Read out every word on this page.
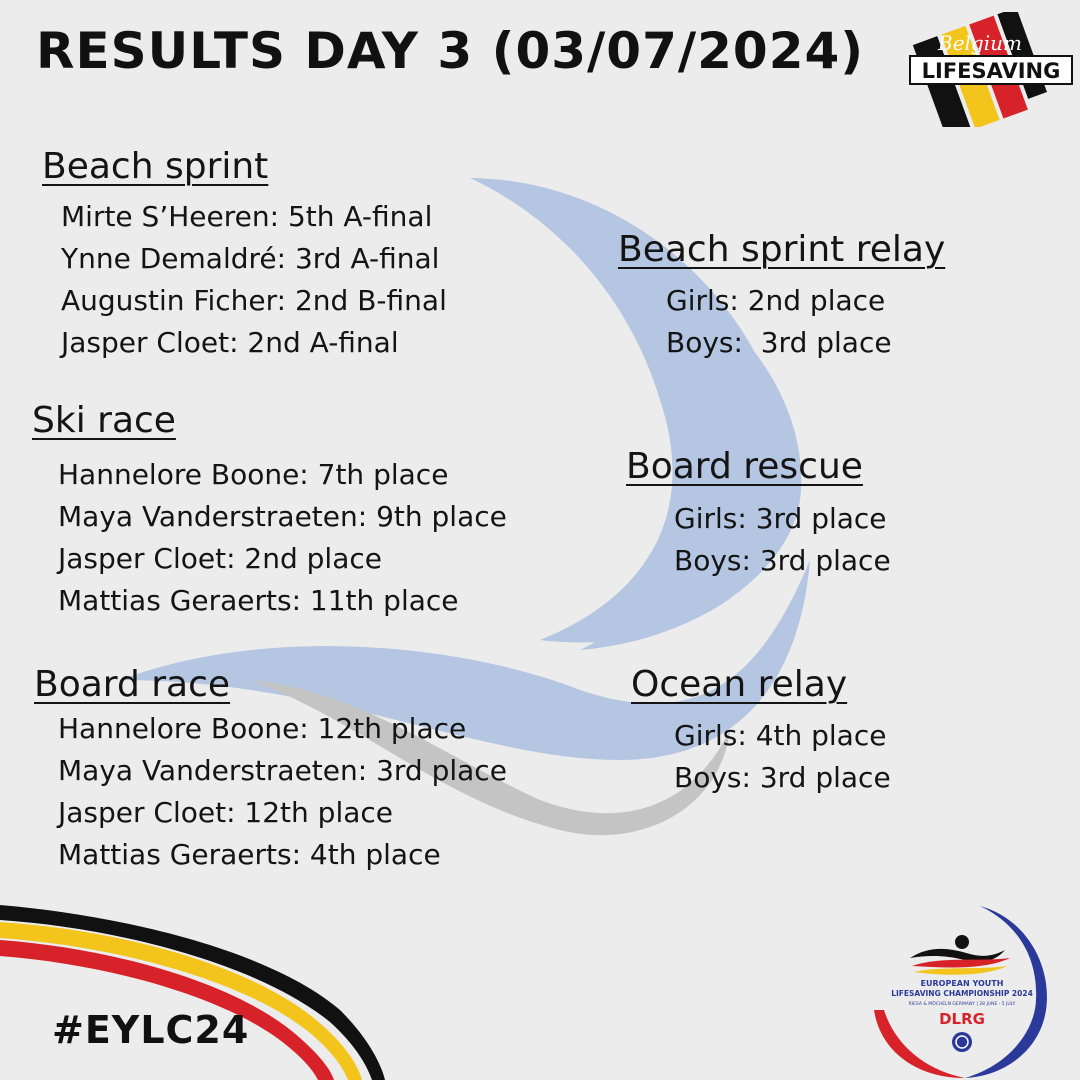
RESULTS DAY 3 (03/07/2024)	Belgium
LIFESAVING
Beach sprint
Mirte S’Heeren: 5th A-final
Ynne Demaldré: 3rd A-final
Augustin Ficher: 2nd B-final
Jasper Cloet: 2nd A-final
Ski race
Hannelore Boone: 7th place
Maya Vanderstraeten: 9th place
Jasper Cloet: 2nd place
Mattias Geraerts: 11th place
Board race
Hannelore Boone: 12th place
Maya Vanderstraeten: 3rd place
Jasper Cloet: 12th place
Mattias Geraerts: 4th place
Beach sprint relay
Girls: 2nd place
Boys:  3rd place
Board rescue
Girls: 3rd place
Boys: 3rd place
Ocean relay
Girls: 4th place
Boys: 3rd place
#EYLC24
EUROPEAN YOUTH
LIFESAVING CHAMPIONSHIP 2024
RIESA & MÖCHELN GERMANY | 28 JUNE - 5 JULY
DLRG
